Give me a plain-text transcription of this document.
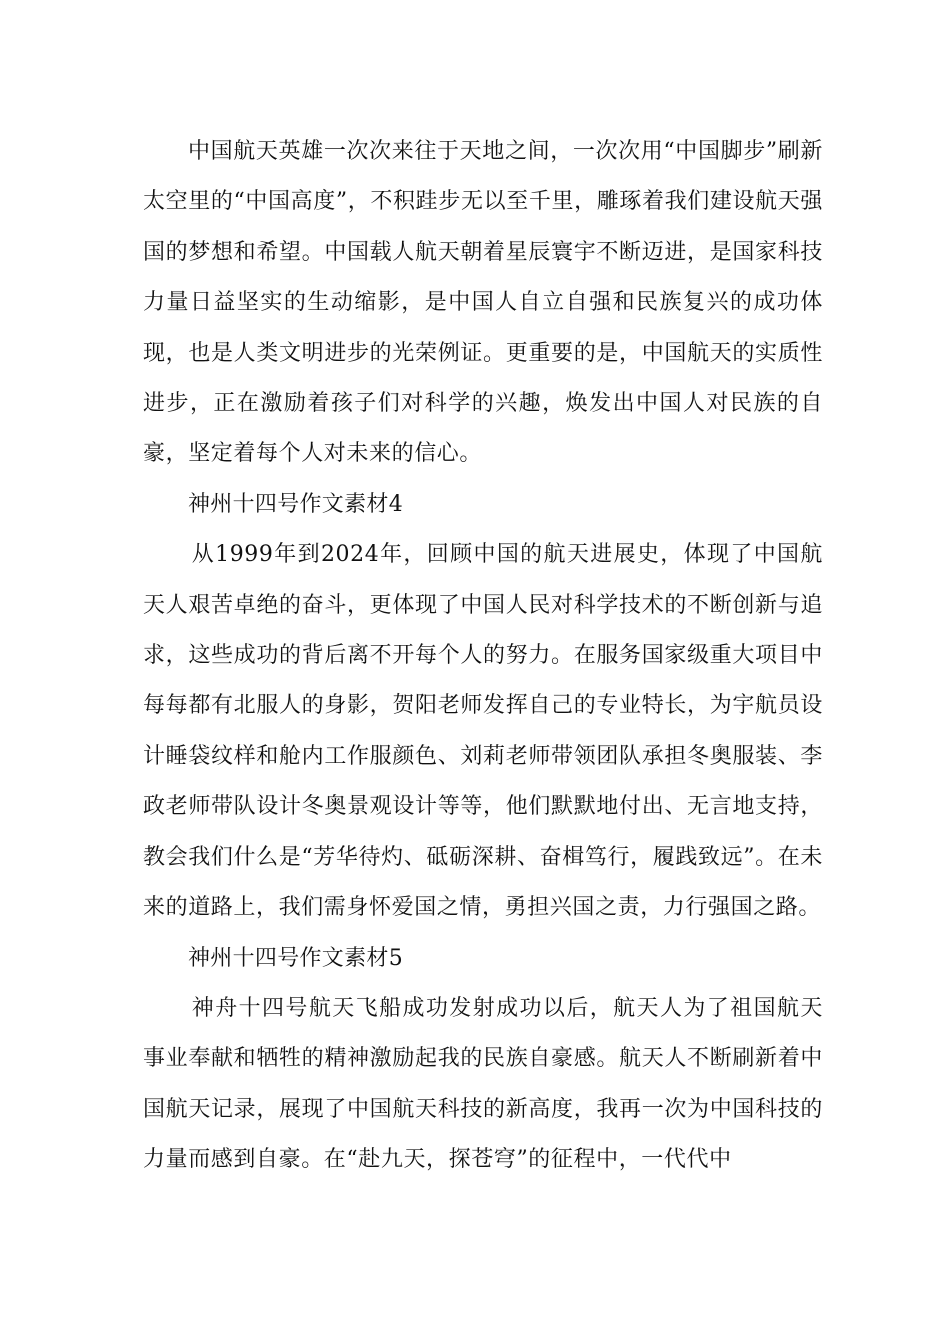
中国航天英雄一次次来往于天地之间，一次次用“中国脚步”刷新太空里的“中国高度”，不积跬步无以至千里，雕琢着我们建设航天强国的梦想和希望。中国载人航天朝着星辰寰宇不断迈进，是国家科技力量日益坚实的生动缩影，是中国人自立自强和民族复兴的成功体现，也是人类文明进步的光荣例证。更重要的是，中国航天的实质性进步，正在激励着孩子们对科学的兴趣，焕发出中国人对民族的自豪，坚定着每个人对未来的信心。

神州十四号作文素材4

从1999年到2024年，回顾中国的航天进展史，体现了中国航天人艰苦卓绝的奋斗，更体现了中国人民对科学技术的不断创新与追求，这些成功的背后离不开每个人的努力。在服务国家级重大项目中每每都有北服人的身影，贺阳老师发挥自己的专业特长，为宇航员设计睡袋纹样和舱内工作服颜色、刘莉老师带领团队承担冬奥服装、李政老师带队设计冬奥景观设计等等，他们默默地付出、无言地支持，教会我们什么是“芳华待灼、砥砺深耕、奋楫笃行，履践致远”。在未来的道路上，我们需身怀爱国之情，勇担兴国之责，力行强国之路。

神州十四号作文素材5

神舟十四号航天飞船成功发射成功以后，航天人为了祖国航天事业奉献和牺牲的精神激励起我的民族自豪感。航天人不断刷新着中国航天记录，展现了中国航天科技的新高度，我再一次为中国科技的力量而感到自豪。在“赴九天，探苍穹”的征程中，一代代中
